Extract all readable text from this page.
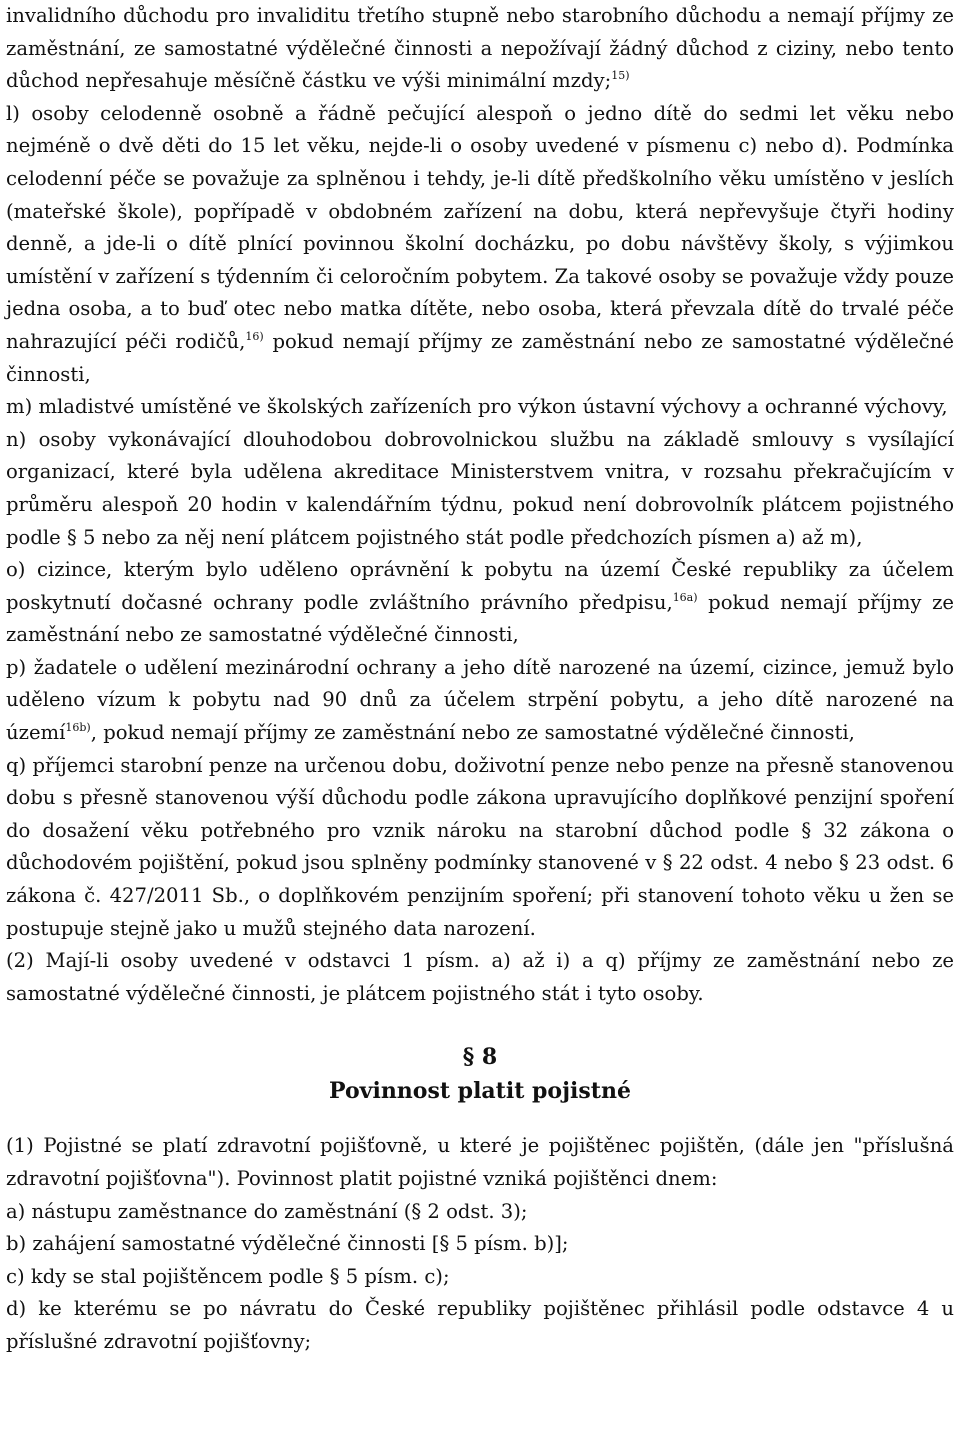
invalidního důchodu pro invaliditu třetího stupně nebo starobního důchodu a nemají příjmy ze zaměstnání, ze samostatné výdělečné činnosti a nepožívají žádný důchod z ciziny, nebo tento důchod nepřesahuje měsíčně částku ve výši minimální mzdy;$^{15)}$

l) osoby celodenně osobně a řádně pečující alespoň o jedno dítě do sedmi let věku nebo nejméně o dvě děti do 15 let věku, nejde-li o osoby uvedené v písmenu c) nebo d). Podmínka celodenní péče se považuje za splněnou i tehdy, je-li dítě předškolního věku umístěno v jeslích (mateřské škole), popřípadě v obdobném zařízení na dobu, která nepřevyšuje čtyři hodiny denně, a jde-li o dítě plnící povinnou školní docházku, po dobu návštěvy školy, s výjimkou umístění v zařízení s týdenním či celoročním pobytem. Za takové osoby se považuje vždy pouze jedna osoba, a to buď otec nebo matka dítěte, nebo osoba, která převzala dítě do trvalé péče nahrazující péči rodičů,$^{16)}$ pokud nemají příjmy ze zaměstnání nebo ze samostatné výdělečné činnosti,

m) mladistvé umístěné ve školských zařízeních pro výkon ústavní výchovy a ochranné výchovy,

n) osoby vykonávající dlouhodobou dobrovolnickou službu na základě smlouvy s vysílající organizací, které byla udělena akreditace Ministerstvem vnitra, v rozsahu překračujícím v průměru alespoň 20 hodin v kalendářním týdnu, pokud není dobrovolník plátcem pojistného podle § 5 nebo za něj není plátcem pojistného stát podle předchozích písmen a) až m),

o) cizince, kterým bylo uděleno oprávnění k pobytu na území České republiky za účelem poskytnutí dočasné ochrany podle zvláštního právního předpisu,$^{16a)}$ pokud nemají příjmy ze zaměstnání nebo ze samostatné výdělečné činnosti,

p) žadatele o udělení mezinárodní ochrany a jeho dítě narozené na území, cizince, jemuž bylo uděleno vízum k pobytu nad 90 dnů za účelem strpění pobytu, a jeho dítě narozené na území$^{16b)}$, pokud nemají příjmy ze zaměstnání nebo ze samostatné výdělečné činnosti,

q) příjemci starobní penze na určenou dobu, doživotní penze nebo penze na přesně stanovenou dobu s přesně stanovenou výší důchodu podle zákona upravujícího doplňkové penzijní spoření do dosažení věku potřebného pro vznik nároku na starobní důchod podle § 32 zákona o důchodovém pojištění, pokud jsou splněny podmínky stanovené v § 22 odst. 4 nebo § 23 odst. 6 zákona č. 427/2011 Sb., o doplňkovém penzijním spoření; při stanovení tohoto věku u žen se postupuje stejně jako u mužů stejného data narození.

(2) Mají-li osoby uvedené v odstavci 1 písm. a) až i) a q) příjmy ze zaměstnání nebo ze samostatné výdělečné činnosti, je plátcem pojistného stát i tyto osoby.

§ 8
Povinnost platit pojistné

(1) Pojistné se platí zdravotní pojišťovně, u které je pojištěnec pojištěn, (dále jen "příslušná zdravotní pojišťovna"). Povinnost platit pojistné vzniká pojištěnci dnem:

a) nástupu zaměstnance do zaměstnání (§ 2 odst. 3);

b) zahájení samostatné výdělečné činnosti [§ 5 písm. b)];

c) kdy se stal pojištěncem podle § 5 písm. c);

d) ke kterému se po návratu do České republiky pojištěnec přihlásil podle odstavce 4 u příslušné zdravotní pojišťovny;
